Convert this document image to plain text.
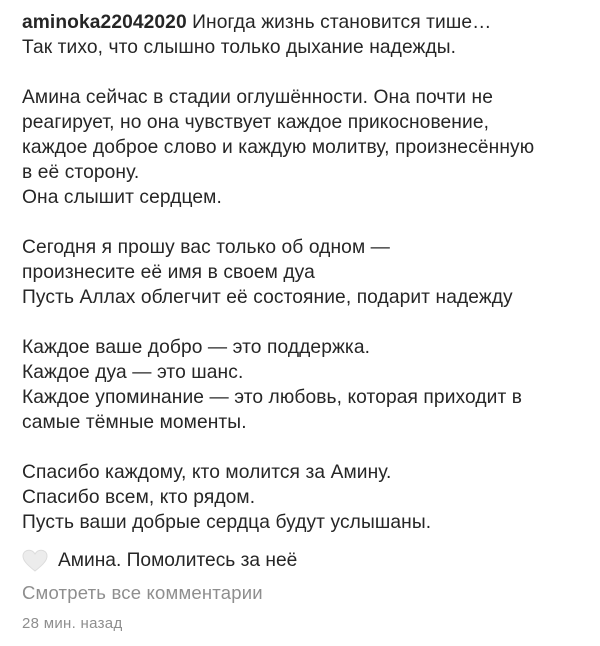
aminoka22042020 Иногда жизнь становится тише…

Так тихо, что слышно только дыхание надежды.

Амина сейчас в стадии оглушённости. Она почти не

реагирует, но она чувствует каждое прикосновение,

каждое доброе слово и каждую молитву, произнесённую

в её сторону.

Она слышит сердцем.

Сегодня я прошу вас только об одном —

произнесите её имя в своем дуа

Пусть Аллах облегчит её состояние, подарит надежду

Каждое ваше добро — это поддержка.

Каждое дуа — это шанс.

Каждое упоминание — это любовь, которая приходит в

самые тёмные моменты.

Спасибо каждому, кто молится за Амину.

Спасибо всем, кто рядом.

Пусть ваши добрые сердца будут услышаны.

Амина. Помолитесь за неё
Смотреть все комментарии
28 мин. назад
